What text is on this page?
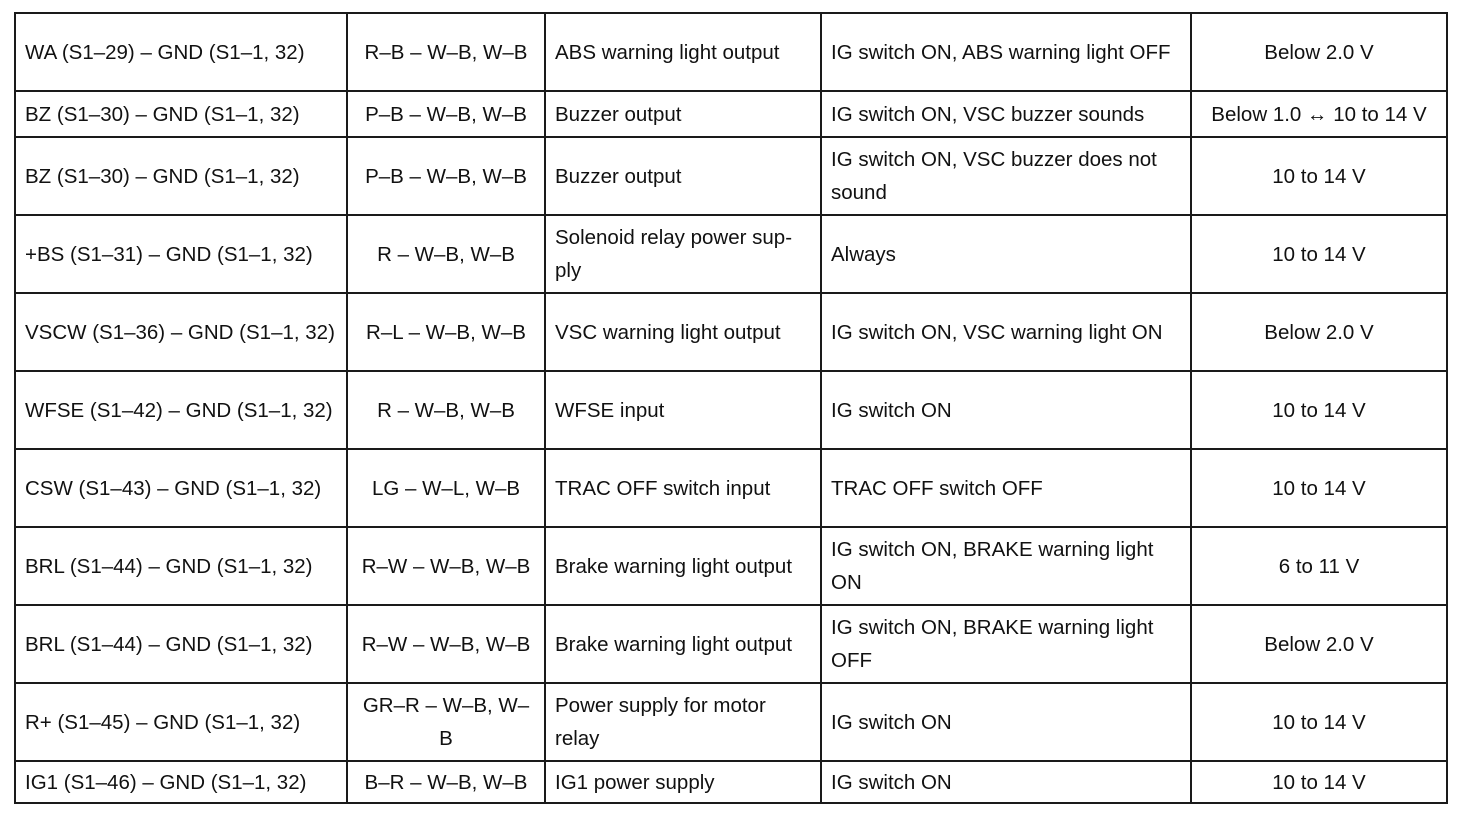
WA (S1–29) – GND (S1–1, 32)	R–B – W–B, W–B	ABS warning light output	IG switch ON, ABS warning light OFF	Below 2.0 V
BZ (S1–30) – GND (S1–1, 32)	P–B – W–B, W–B	Buzzer output	IG switch ON, VSC buzzer sounds	Below 1.0 ↔ 10 to 14 V
BZ (S1–30) – GND (S1–1, 32)	P–B – W–B, W–B	Buzzer output	IG switch ON, VSC buzzer does not sound	10 to 14 V
+BS (S1–31) – GND (S1–1, 32)	R – W–B, W–B	Solenoid relay power sup-ply	Always	10 to 14 V
VSCW (S1–36) – GND (S1–1, 32)	R–L – W–B, W–B	VSC warning light output	IG switch ON, VSC warning light ON	Below 2.0 V
WFSE (S1–42) – GND (S1–1, 32)	R – W–B, W–B	WFSE input	IG switch ON	10 to 14 V
CSW (S1–43) – GND (S1–1, 32)	LG – W–L, W–B	TRAC OFF switch input	TRAC OFF switch OFF	10 to 14 V
BRL (S1–44) – GND (S1–1, 32)	R–W – W–B, W–B	Brake warning light output	IG switch ON, BRAKE warning light ON	6 to 11 V
BRL (S1–44) – GND (S1–1, 32)	R–W – W–B, W–B	Brake warning light output	IG switch ON, BRAKE warning light OFF	Below 2.0 V
R+ (S1–45) – GND (S1–1, 32)	GR–R – W–B, W–B	Power supply for motor relay	IG switch ON	10 to 14 V
IG1 (S1–46) – GND (S1–1, 32)	B–R – W–B, W–B	IG1 power supply	IG switch ON	10 to 14 V
